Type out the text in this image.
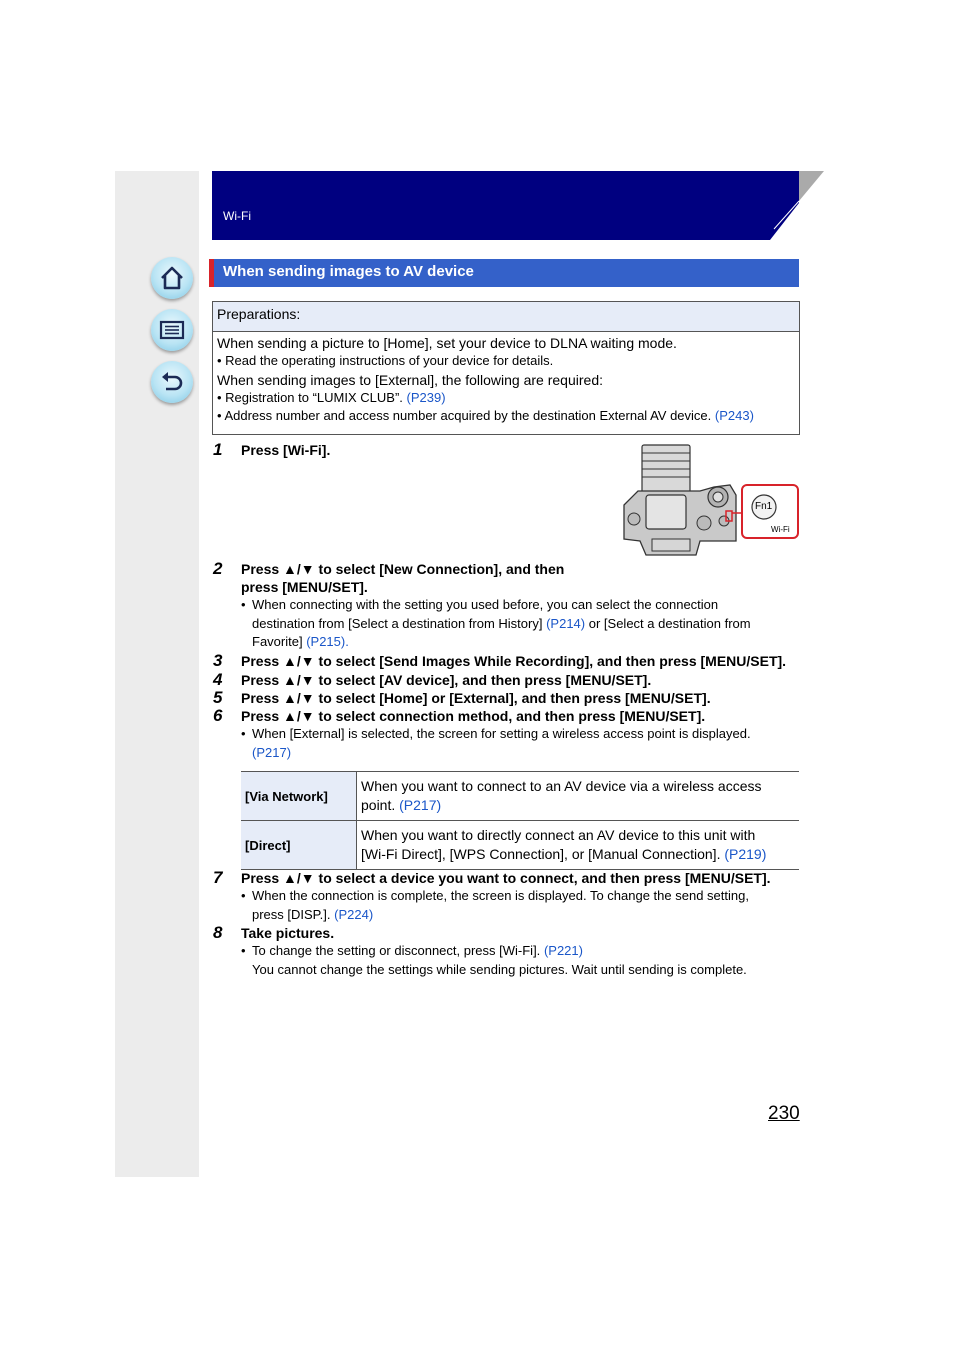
Wi-Fi
When sending images to AV device
Preparations:
When sending a picture to [Home], set your device to DLNA waiting mode.
• Read the operating instructions of your device for details.
When sending images to [External], the following are required:
• Registration to “LUMIX CLUB”. (P239)
• Address number and access number acquired by the destination External AV device. (P243)
1 Press [Wi-Fi].
Fn1
Wi-Fi
2 Press ▲/▼ to select [New Connection], and then
press [MENU/SET].
• When connecting with the setting you used before, you can select the connection
destination from [Select a destination from History] (P214) or [Select a destination from
Favorite] (P215).
3 Press ▲/▼ to select [Send Images While Recording], and then press [MENU/SET].
4 Press ▲/▼ to select [AV device], and then press [MENU/SET].
5 Press ▲/▼ to select [Home] or [External], and then press [MENU/SET].
6 Press ▲/▼ to select connection method, and then press [MENU/SET].
• When [External] is selected, the screen for setting a wireless access point is displayed.
(P217)
[Via Network]	When you want to connect to an AV device via a wireless access
point. (P217)
[Direct]	When you want to directly connect an AV device to this unit with
[Wi-Fi Direct], [WPS Connection], or [Manual Connection]. (P219)
7 Press ▲/▼ to select a device you want to connect, and then press [MENU/SET].
• When the connection is complete, the screen is displayed. To change the send setting,
press [DISP.]. (P224)
8 Take pictures.
• To change the setting or disconnect, press [Wi-Fi]. (P221)
You cannot change the settings while sending pictures. Wait until sending is complete.
230
